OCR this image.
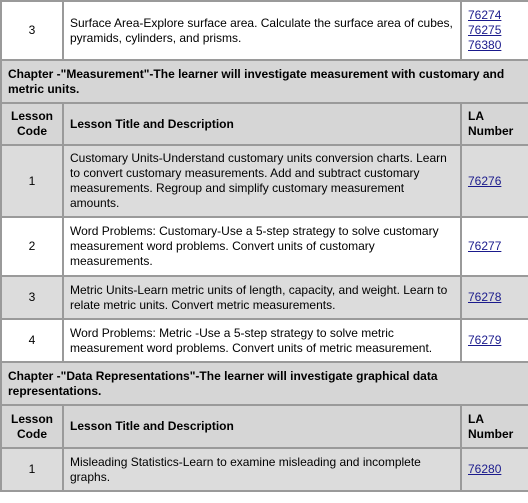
3	Surface Area-Explore surface area. Calculate the surface area of cubes, pyramids, cylinders, and prisms.	76274
76275
76380

Chapter -"Measurement"-The learner will investigate measurement with customary and metric units.		
Lesson Code	Lesson Title and Description	LA Number
1	Customary Units-Understand customary units conversion charts. Learn to convert customary measurements. Add and subtract customary measurements. Regroup and simplify customary measurement amounts.	76276

2	Word Problems: Customary-Use a 5-step strategy to solve customary measurement word problems. Convert units of customary measurements.	76277

3	Metric Units-Learn metric units of length, capacity, and weight. Learn to relate metric units. Convert metric measurements.	76278

4	Word Problems: Metric -Use a 5-step strategy to solve metric measurement word problems. Convert units of metric measurement.	76279

Chapter -"Data Representations"-The learner will investigate graphical data representations.		
Lesson Code	Lesson Title and Description	LA Number
1	Misleading Statistics-Learn to examine misleading and incomplete graphs.	76280
